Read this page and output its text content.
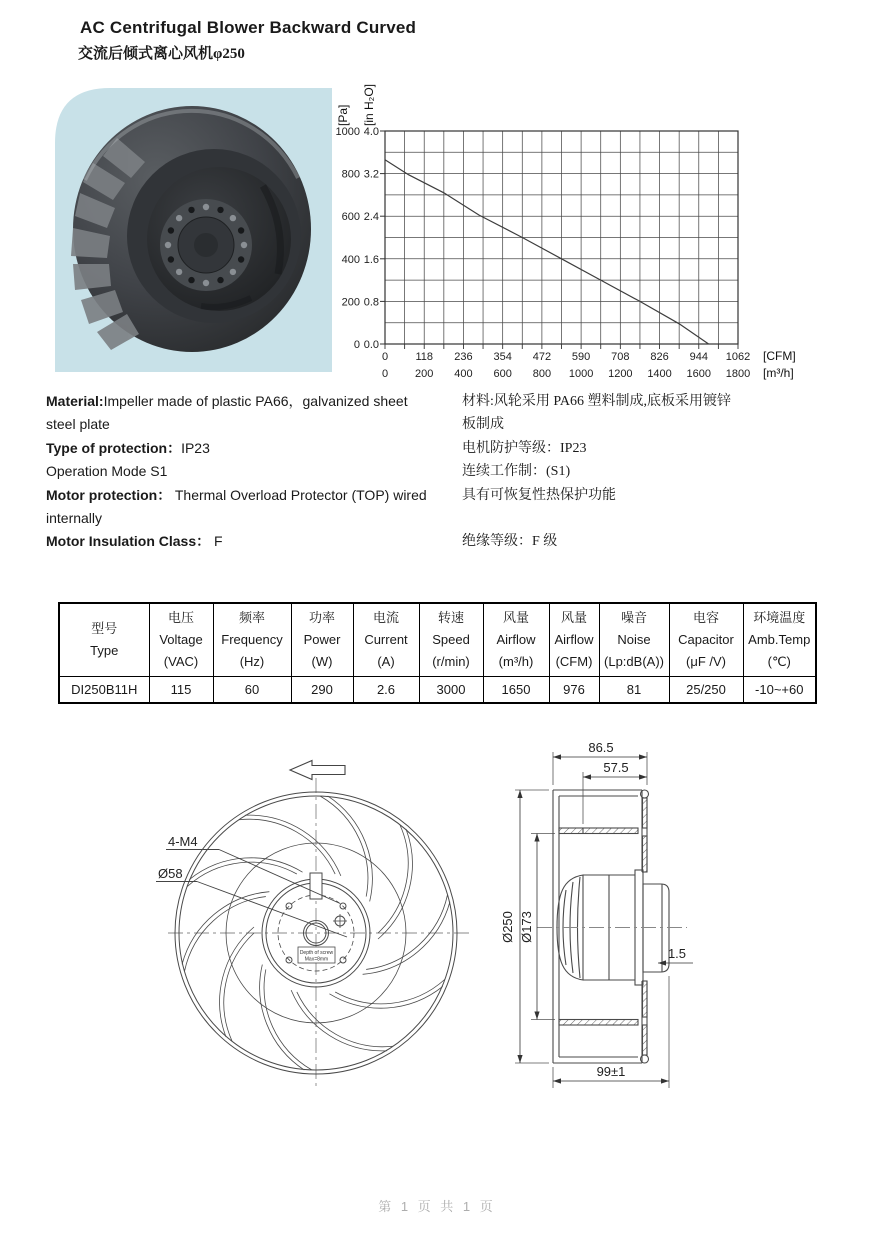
AC Centrifugal Blower Backward Curved
交流后倾式离心风机φ250
0 0.0
200 0.8
400 1.6
600 2.4
800 3.2
1000 4.0
0
0
118
200
236
400
354
600
472
800
590
1000
708
1200
826
1400
944
1600
1062
1800
[CFM]
[m³/h]
[Pa] [in H₂O]
Material:Impeller made of plastic PA66，galvanized sheet
steel plate
Type of protection：IP23
Operation Mode S1
Motor protection： Thermal Overload Protector (TOP) wired
internally
Motor Insulation Class： F
材料:风轮采用 PA66 塑料制成,底板采用镀锌
板制成
电机防护等级：IP23
连续工作制：(S1)
具有可恢复性热保护功能

绝缘等级：F 级
型号
Type

电压
Voltage
(VAC)

频率
Frequency
(Hz)

功率
Power
(W)

电流
Current
(A)

转速
Speed
(r/min)

风量
Airflow
(m³/h)

风量
Airflow
(CFM)

噪音
Noise
(Lp:dB(A))

电容
Capacitor
(μF /V)

环境温度
Amb.Temp
(℃)

DI250B11H	115	60	290	2.6	3000	1650	976	81	25/250	-10~+60
Depth of screw
Max=8mm
4-M4
Ø58
86.5
57.5
Ø250 Ø173
1.5
99±1
第 1 页 共 1 页
